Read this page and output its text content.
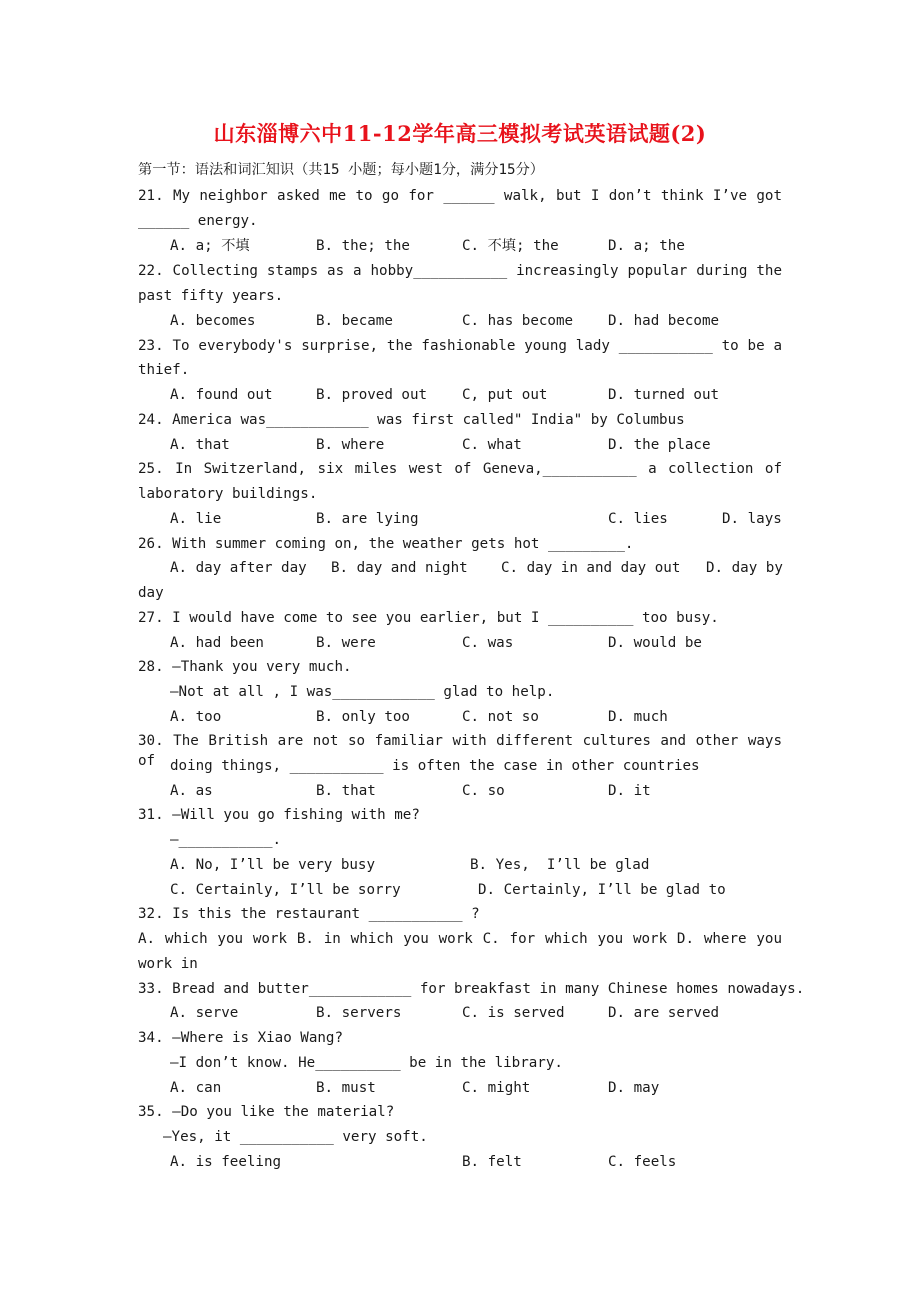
山东淄博六中11-12学年高三模拟考试英语试题(2)
第一节：语法和词汇知识（共15 小题；每小题1分，满分15分）
21. My neighbor asked me to go for ______ walk, but I don’t think I’ve got
______ energy.
A. a; 不填	B. the; the	C. 不填; the	D. a; the
22. Collecting stamps as a hobby___________ increasingly popular during the
past fifty years.
A. becomes	B. became	C. has become D. had become
23. To everybody's surprise, the fashionable young lady ___________ to be a
thief.
A. found out	B. proved out C, put out	D. turned out
24. America was____________ was first called" India" by Columbus
A. that	B. where	C. what	D. the place
25. In Switzerland, six miles west of Geneva,___________ a collection of
laboratory buildings.
A. lie	B. are lying	C. lies	D. lays
26. With summer coming on, the weather gets hot _________.
A. day after day B. day and night C. day in and day out D. day by
day
27. I would have come to see you earlier, but I __________ too busy.
A. had been	B. were	C. was	D. would be
28. —Thank you very much.
—Not at all , I was____________ glad to help.
A. too	B. only too	C. not so	D. much
30. The British are not so familiar with different cultures and other ways of	doing things, ___________ is often the case in other countries
A. as	B. that	C. so	D. it
31. —Will you go fishing with me?
—___________.
A. No, I’ll be very busy	B. Yes,  I’ll be glad
C. Certainly, I’ll be sorry	D. Certainly, I’ll be glad to
32. Is this the restaurant ___________ ?
A. which you work B. in which you work C. for which you work D. where you
work in
33. Bread and butter____________ for breakfast in many Chinese homes nowadays.
A. serve	B. servers	C. is served	D. are served
34. —Where is Xiao Wang?
—I don’t know. He__________ be in the library.
A. can	B. must	C. might	D. may
35. —Do you like the material?
—Yes, it ___________ very soft.
A. is feeling	B. felt	C. feels
